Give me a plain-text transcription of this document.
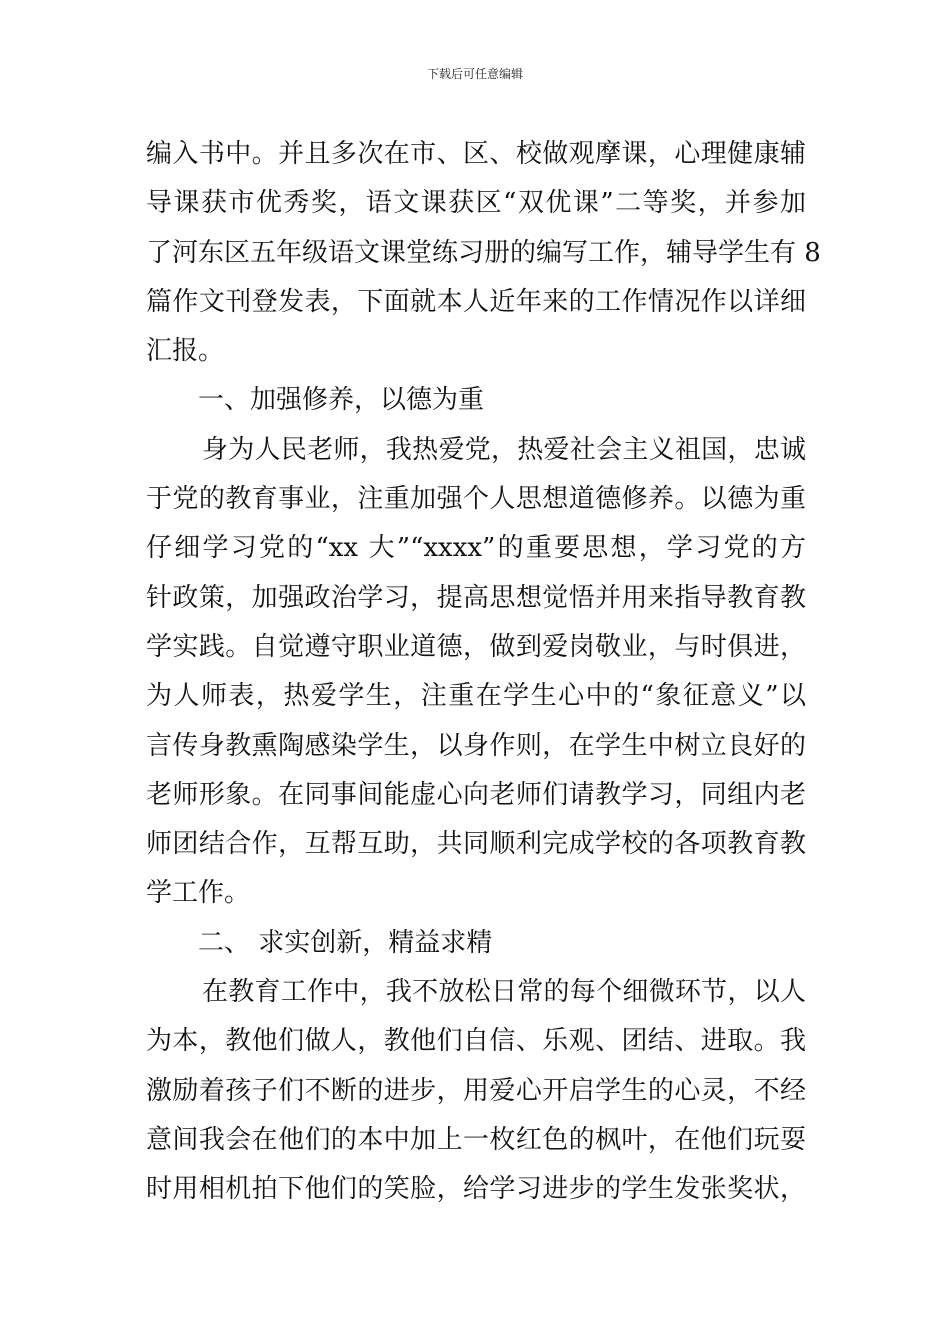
下载后可任意编辑
编入书中。并且多次在市、区、校做观摩课，心理健康辅
导课获市优秀奖，语文课获区“双优课”二等奖，并参加
了河东区五年级语文课堂练习册的编写工作，辅导学生有 8
篇作文刊登发表，下面就本人近年来的工作情况作以详细
汇报。
一、加强修养，以德为重
身为人民老师，我热爱党，热爱社会主义祖国，忠诚
于党的教育事业，注重加强个人思想道德修养。以德为重
仔细学习党的“xx 大”“xxxx”的重要思想，学习党的方
针政策，加强政治学习，提高思想觉悟并用来指导教育教
学实践。自觉遵守职业道德，做到爱岗敬业，与时俱进，
为人师表，热爱学生，注重在学生心中的“象征意义”以
言传身教熏陶感染学生，以身作则，在学生中树立良好的
老师形象。在同事间能虚心向老师们请教学习，同组内老
师团结合作，互帮互助，共同顺利完成学校的各项教育教
学工作。
二、 求实创新，精益求精
在教育工作中，我不放松日常的每个细微环节，以人
为本，教他们做人，教他们自信、乐观、团结、进取。我
激励着孩子们不断的进步，用爱心开启学生的心灵，不经
意间我会在他们的本中加上一枚红色的枫叶，在他们玩耍
时用相机拍下他们的笑脸，给学习进步的学生发张奖状，
